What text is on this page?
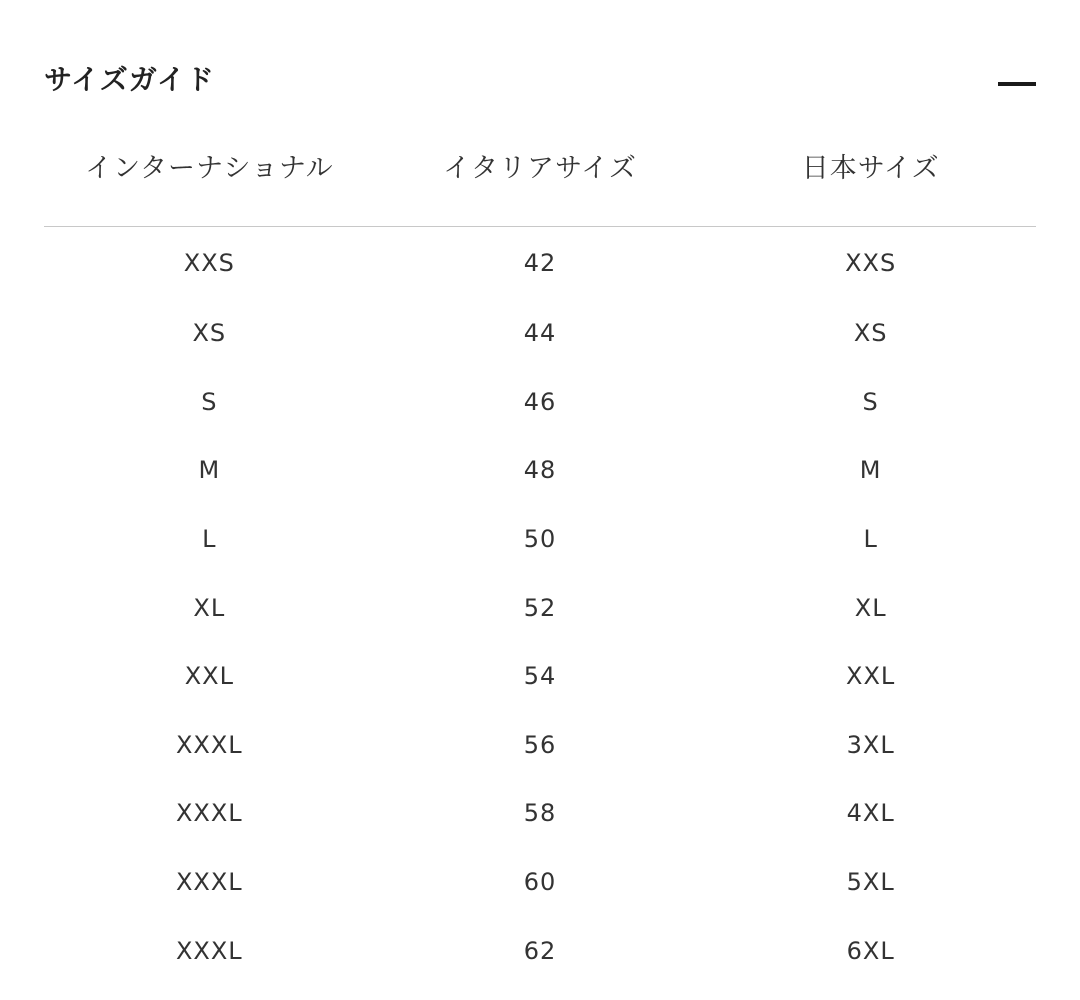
サイズガイド
インターナショナル	イタリアサイズ	日本サイズ
XXS	42	XXS
XS	44	XS
S	46	S
M	48	M
L	50	L
XL	52	XL
XXL	54	XXL
XXXL	56	3XL
XXXL	58	4XL
XXXL	60	5XL
XXXL	62	6XL
